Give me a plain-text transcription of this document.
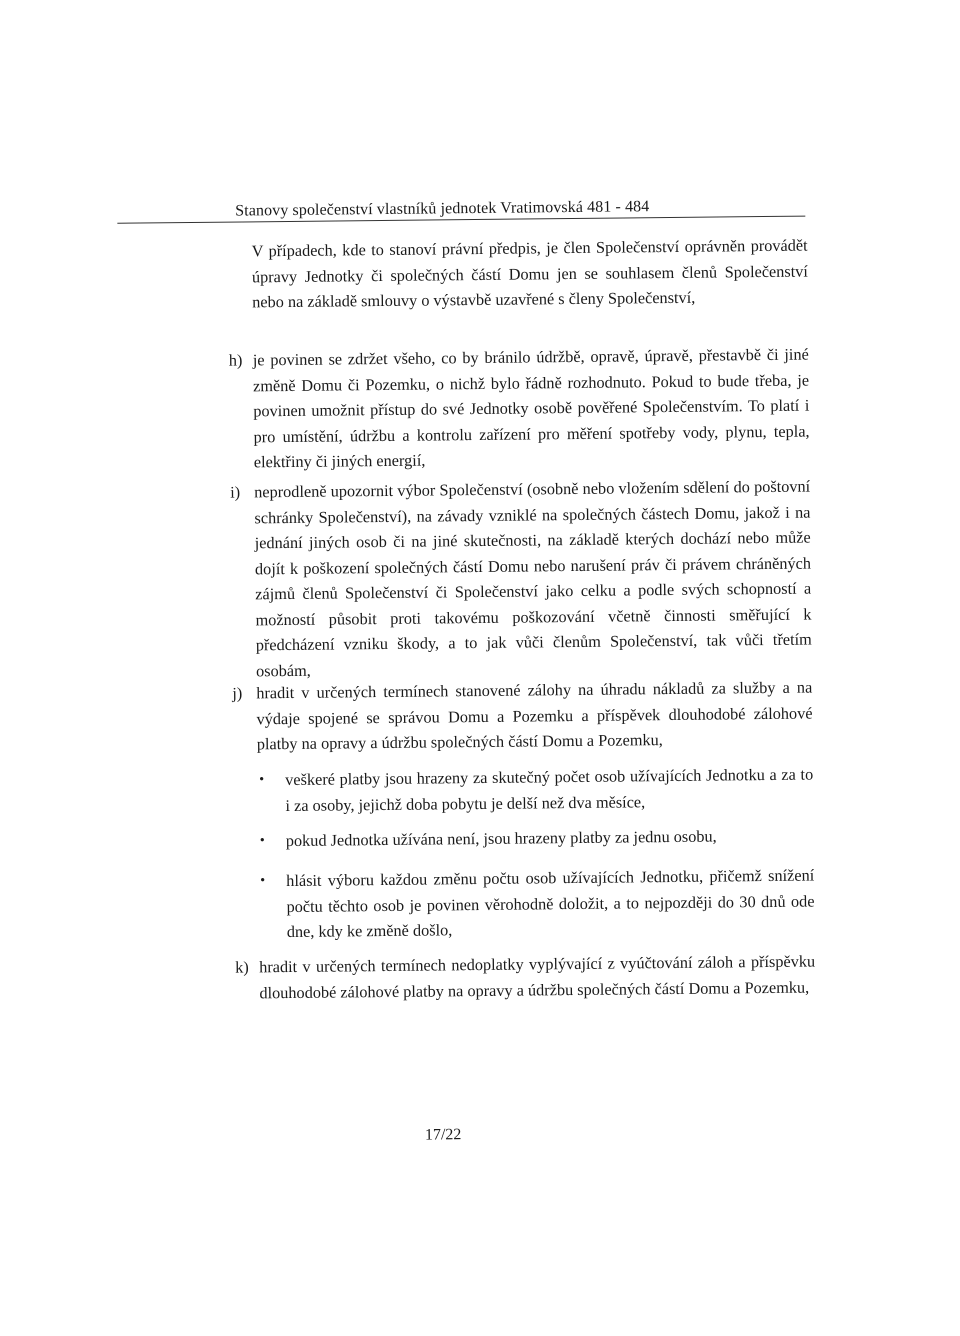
Stanovy společenství vlastníků jednotek Vratimovská 481 - 484

V případech, kde to stanoví právní předpis, je člen Společenství oprávněn provádět úpravy Jednotky či společných částí Domu jen se souhlasem členů Společenství nebo na základě smlouvy o výstavbě uzavřené s členy Společenství,

h) je povinen se zdržet všeho, co by bránilo údržbě, opravě, úpravě, přestavbě či jiné změně Domu či Pozemku, o nichž bylo řádně rozhodnuto. Pokud to bude třeba, je povinen umožnit přístup do své Jednotky osobě pověřené Společenstvím. To platí i pro umístění, údržbu a kontrolu zařízení pro měření spotřeby vody, plynu, tepla, elektřiny či jiných energií,

i) neprodleně upozornit výbor Společenství (osobně nebo vložením sdělení do poštovní schránky Společenství), na závady vzniklé na společných částech Domu, jakož i na jednání jiných osob či na jiné skutečnosti, na základě kterých dochází nebo může dojít k poškození společných částí Domu nebo narušení práv či právem chráněných zájmů členů Společenství či Společenství jako celku a podle svých schopností a možností působit proti takovému poškozování včetně činnosti směřující k předcházení vzniku škody, a to jak vůči členům Společenství, tak vůči třetím osobám,

j) hradit v určených termínech stanovené zálohy na úhradu nákladů za služby a na výdaje spojené se správou Domu a Pozemku a příspěvek dlouhodobé zálohové platby na opravy a údržbu společných částí Domu a Pozemku,

• veškeré platby jsou hrazeny za skutečný počet osob užívajících Jednotku a za to i za osoby, jejichž doba pobytu je delší než dva měsíce,

• pokud Jednotka užívána není, jsou hrazeny platby za jednu osobu,

• hlásit výboru každou změnu počtu osob užívajících Jednotku, přičemž snížení počtu těchto osob je povinen věrohodně doložit, a to nejpozději do 30 dnů ode dne, kdy ke změně došlo,

k) hradit v určených termínech nedoplatky vyplývající z vyúčtování záloh a příspěvku dlouhodobé zálohové platby na opravy a údržbu společných částí Domu a Pozemku,

17/22
